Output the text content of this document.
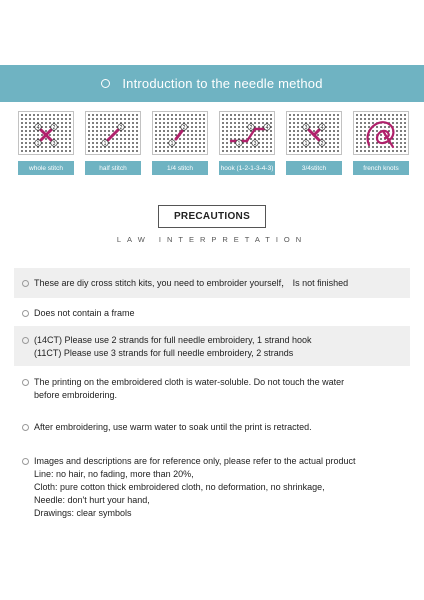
Introduction to the needle method
4	2
1	3
whole stitch
2
1
half stitch
2
1
1/4 stitch
2	4
1	3
hook (1-2-1-3-4-3)
3	4
1	2
3/4stitch	french knots
PRECAUTIONS
LAW INTERPRETATION
These are diy cross stitch kits, you need to embroider yourself， Is not finished
Does not contain a frame
(14CT) Please use 2 strands for full needle embroidery, 1 strand hook
(11CT) Please use 3 strands for full needle embroidery, 2 strands
The printing on the embroidered cloth is water-soluble. Do not touch the water
before embroidering.
After embroidering, use warm water to soak until the print is retracted.
Images and descriptions are for reference only, please refer to the actual product
Line: no hair, no fading, more than 20%,
Cloth: pure cotton thick embroidered cloth, no deformation, no shrinkage,
Needle: don't hurt your hand,
Drawings: clear symbols
